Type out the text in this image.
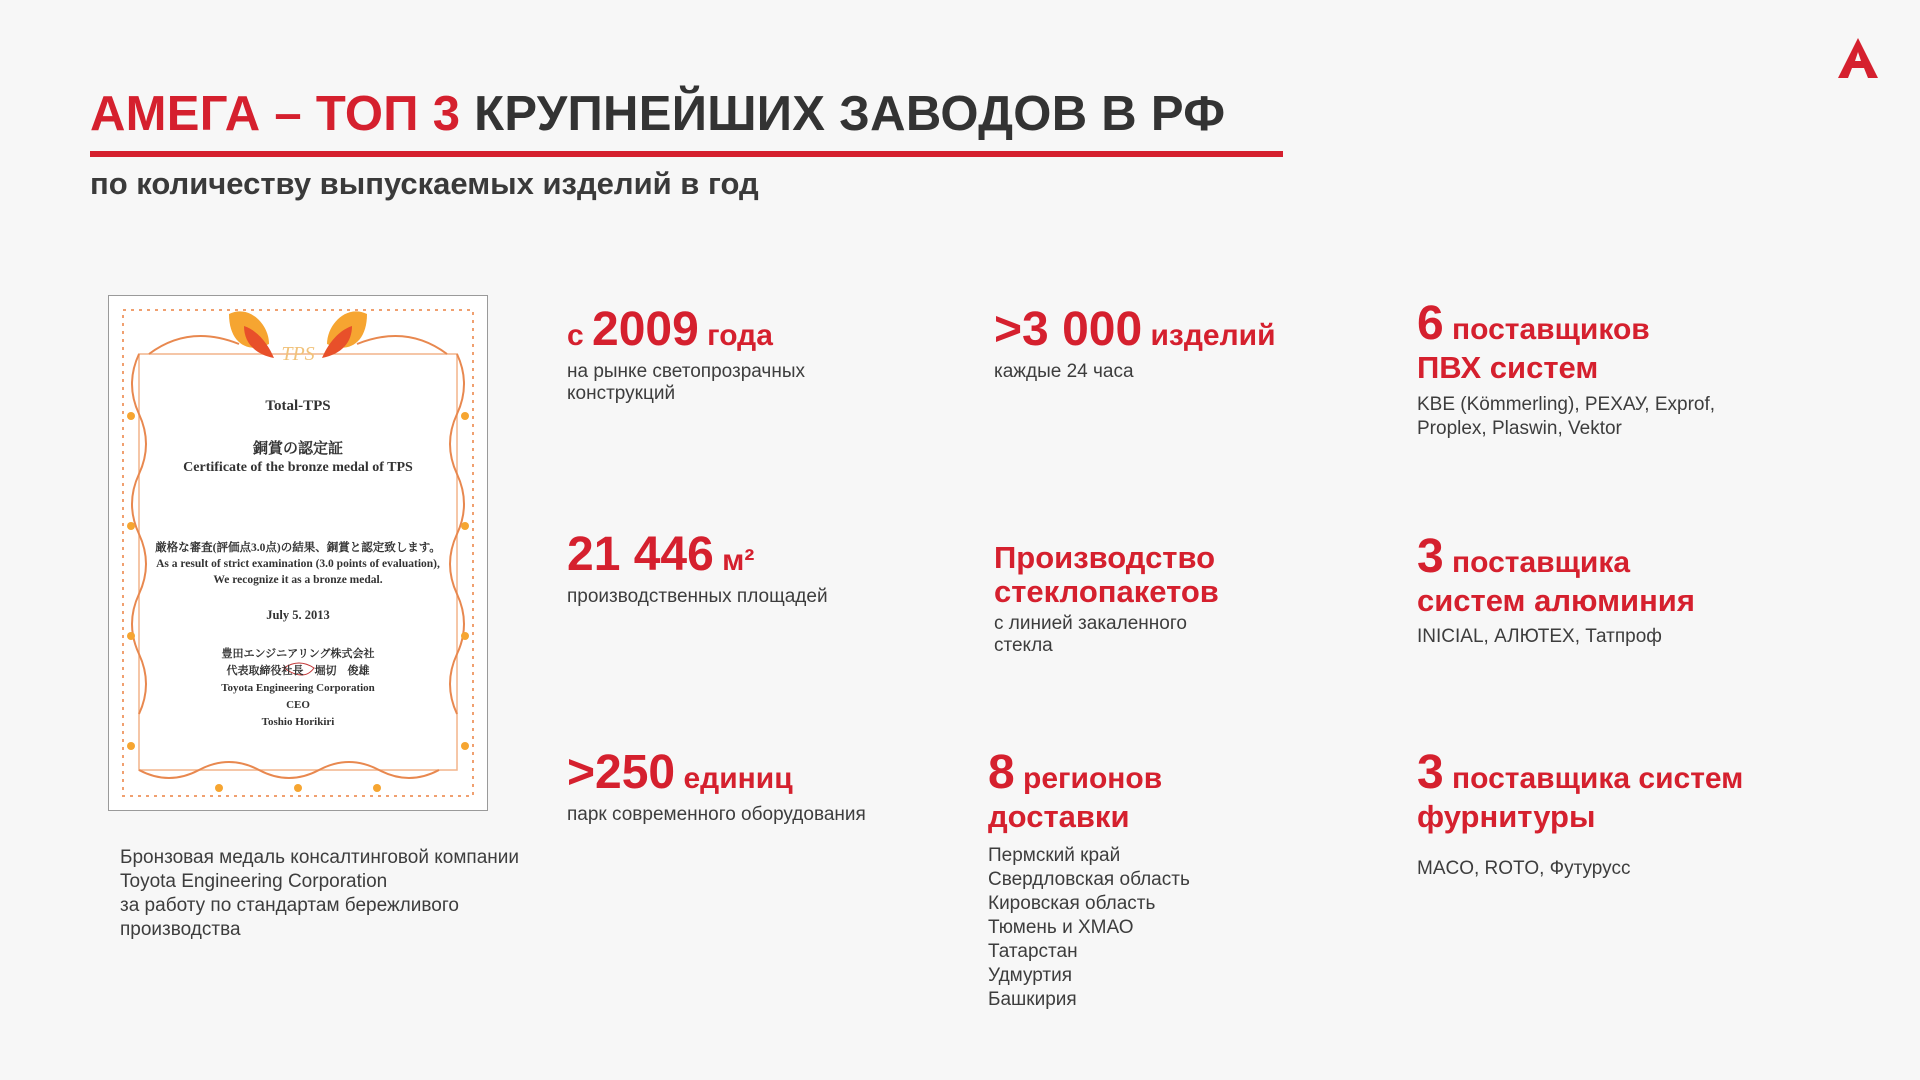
АМЕГА – ТОП 3 КРУПНЕЙШИХ ЗАВОДОВ В РФ
по количеству выпускаемых изделий в год
TPS
Total-TPS
銅賞の認定証
Certificate of the bronze medal of TPS
厳格な審査(評価点3.0点)の結果、銅賞と認定致します。 As a result of strict examination (3.0 points of evaluation), We recognize it as a bronze medal.
July 5. 2013
豊田エンジニアリング株式会社
代表取締役社長　堀切　俊雄
Toyota Engineering Corporation
CEO
Toshio Horikiri
Бронзовая медаль консалтинговой компании Toyota Engineering Corporation
за работу по стандартам бережливого производства
с 2009 года
на рынке светопрозрачных
конструкций
21 446 м²
производственных площадей
>250 единиц
парк современного оборудования
>3 000 изделий
каждые 24 часа
Производство
стеклопакетов
с линией закаленного
стекла
8 регионов
доставки
Пермский край
Свердловская область
Кировская область
Тюмень и ХМАО
Татарстан
Удмуртия
Башкирия
6 поставщиков
ПВХ систем
KBE (Kömmerling), РЕХАУ, Exprof,
Proplex, Plaswin, Vektor
3 поставщика
систем алюминия
INICIAL, АЛЮТЕХ, Татпроф
3 поставщика систем
фурнитуры
MACO, ROTO, Футурусс
